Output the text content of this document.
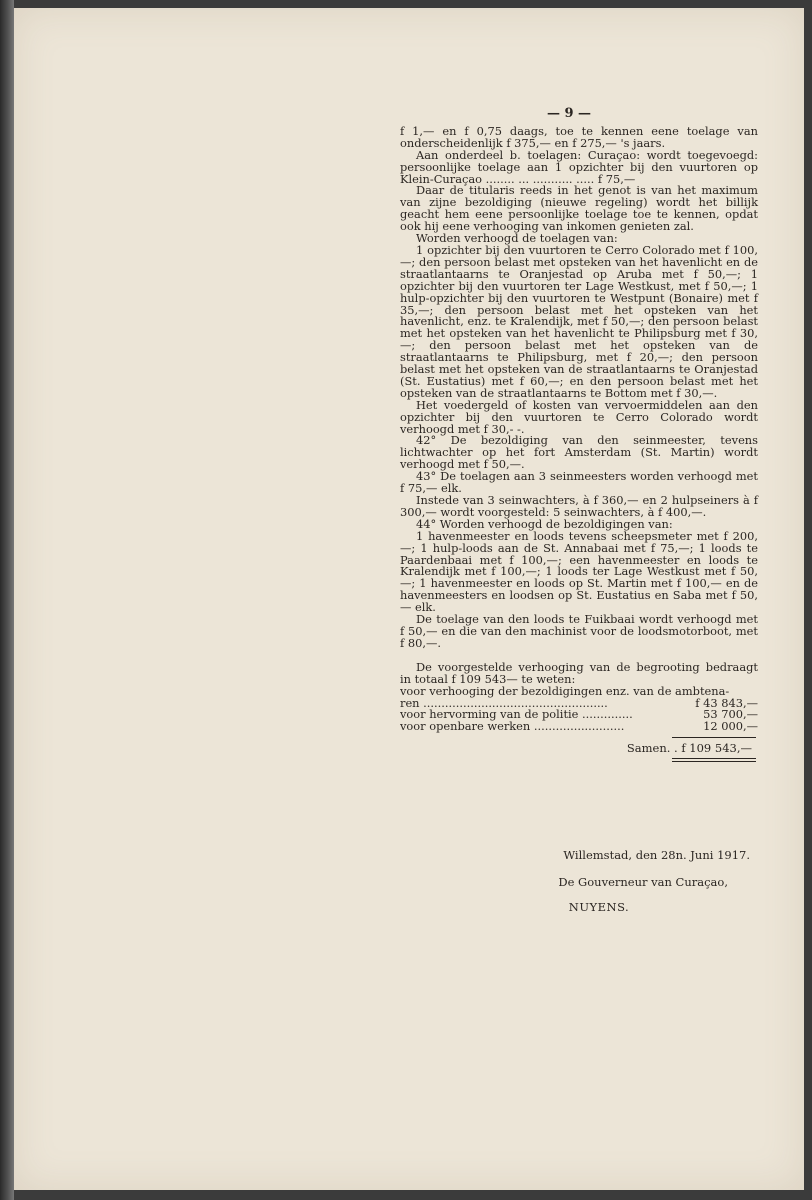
— 9 —

f 1,— en f 0,75 daags, toe te kennen eene toelage van onderscheidenlijk f 375,— en f 275,— 's jaars.

Aan onderdeel b. toelagen: Curaçao: wordt toegevoegd: persoonlijke toelage aan 1 opzichter bij den vuurtoren op Klein-Curaçao ........ ... ........... ..... f 75,—

Daar de titularis reeds in het genot is van het maximum van zijne bezoldiging (nieuwe regeling) wordt het billijk geacht hem eene persoonlijke toelage toe te kennen, opdat ook hij eene verhooging van inkomen genieten zal.

Worden verhoogd de toelagen van:

1 opzichter bij den vuurtoren te Cerro Colorado met f 100,—; den persoon belast met opsteken van het havenlicht en de straatlantaarns te Oranjestad op Aruba met f 50,—; 1 opzichter bij den vuurtoren ter Lage Westkust, met f 50,—; 1 hulp-opzichter bij den vuurtoren te Westpunt (Bonaire) met f 35,—; den persoon belast met het opsteken van het havenlicht, enz. te Kralendijk, met f 50,—; den persoon belast met het opsteken van het havenlicht te Philipsburg met f 30,—; den persoon belast met het opsteken van de straatlantaarns te Philipsburg, met f 20,—; den persoon belast met het opsteken van de straatlantaarns te Oranjestad (St. Eustatius) met f 60,—; en den persoon belast met het opsteken van de straatlantaarns te Bottom met f 30,—.

Het voedergeld of kosten van vervoermiddelen aan den opzichter bij den vuurtoren te Cerro Colorado wordt verhoogd met f 30,- -.

42° De bezoldiging van den seinmeester, tevens lichtwachter op het fort Amsterdam (St. Martin) wordt verhoogd met f 50,—.

43° De toelagen aan 3 seinmeesters worden verhoogd met f 75,— elk.

Instede van 3 seinwachters, à f 360,— en 2 hulpseiners à f 300,— wordt voorgesteld: 5 seinwachters, à f 400,—.

44° Worden verhoogd de bezoldigingen van:

1 havenmeester en loods tevens scheepsmeter met f 200,—; 1 hulp-loods aan de St. Annabaai met f 75,—; 1 loods te Paardenbaai met f 100,—; een havenmeester en loods te Kralendijk met f 100,—; 1 loods ter Lage Westkust met f 50,—; 1 havenmeester en loods op St. Martin met f 100,— en de havenmeesters en loodsen op St. Eustatius en Saba met f 50,— elk.

De toelage van den loods te Fuikbaai wordt verhoogd met f 50,— en die van den machinist voor de loodsmotorboot, met f 80,—.

De voorgestelde verhooging van de begrooting bedraagt in totaal f 109 543— te weten:

voor verhooging der bezoldigingen enz. van de ambtena-
ren ...................................................	f 43 843,—
voor hervorming van de politie ..............	53 700,—
voor openbare werken .........................	12 000,—
Samen. . f 109 543,—
Willemstad, den 28n. Juni 1917.
De Gouverneur van Curaçao,
NUYENS.
